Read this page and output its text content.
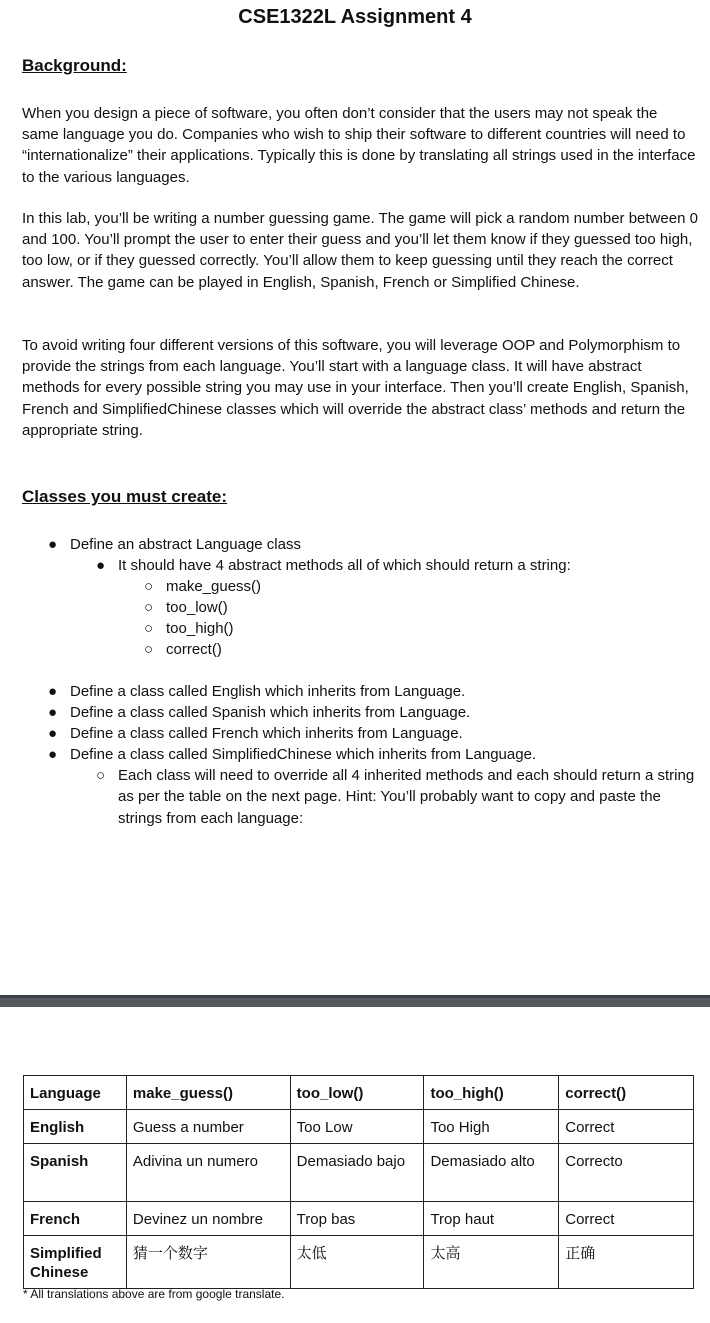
CSE1322L Assignment 4
Background:
When you design a piece of software, you often don’t consider that the users may not speak the same language you do. Companies who wish to ship their software to different countries will need to “internationalize” their applications. Typically this is done by translating all strings used in the interface to the various languages.
In this lab, you’ll be writing a number guessing game. The game will pick a random number between 0 and 100. You’ll prompt the user to enter their guess and you’ll let them know if they guessed too high, too low, or if they guessed correctly. You’ll allow them to keep guessing until they reach the correct answer. The game can be played in English, Spanish, French or Simplified Chinese.
To avoid writing four different versions of this software, you will leverage OOP and Polymorphism to provide the strings from each language. You’ll start with a language class. It will have abstract methods for every possible string you may use in your interface. Then you’ll create English, Spanish, French and SimplifiedChinese classes which will override the abstract class’ methods and return the appropriate string.
Classes you must create:
● Define an abstract Language class
● It should have 4 abstract methods all of which should return a string:
○ make_guess()
○ too_low()
○ too_high()
○ correct()
● Define a class called English which inherits from Language.
● Define a class called Spanish which inherits from Language.
● Define a class called French which inherits from Language.
● Define a class called SimplifiedChinese which inherits from Language.
○ Each class will need to override all 4 inherited methods and each should return a string as per the table on the next page. Hint: You’ll probably want to copy and paste the strings from each language:
Language	make_guess()	too_low()	too_high()	correct()
English	Guess a number	Too Low	Too High	Correct
Spanish	Adivina un numero	Demasiado bajo	Demasiado alto	Correcto
French	Devinez un nombre	Trop bas	Trop haut	Correct
Simplified Chinese	猜一个数字	太低	太高	正确
* All translations above are from google translate.
